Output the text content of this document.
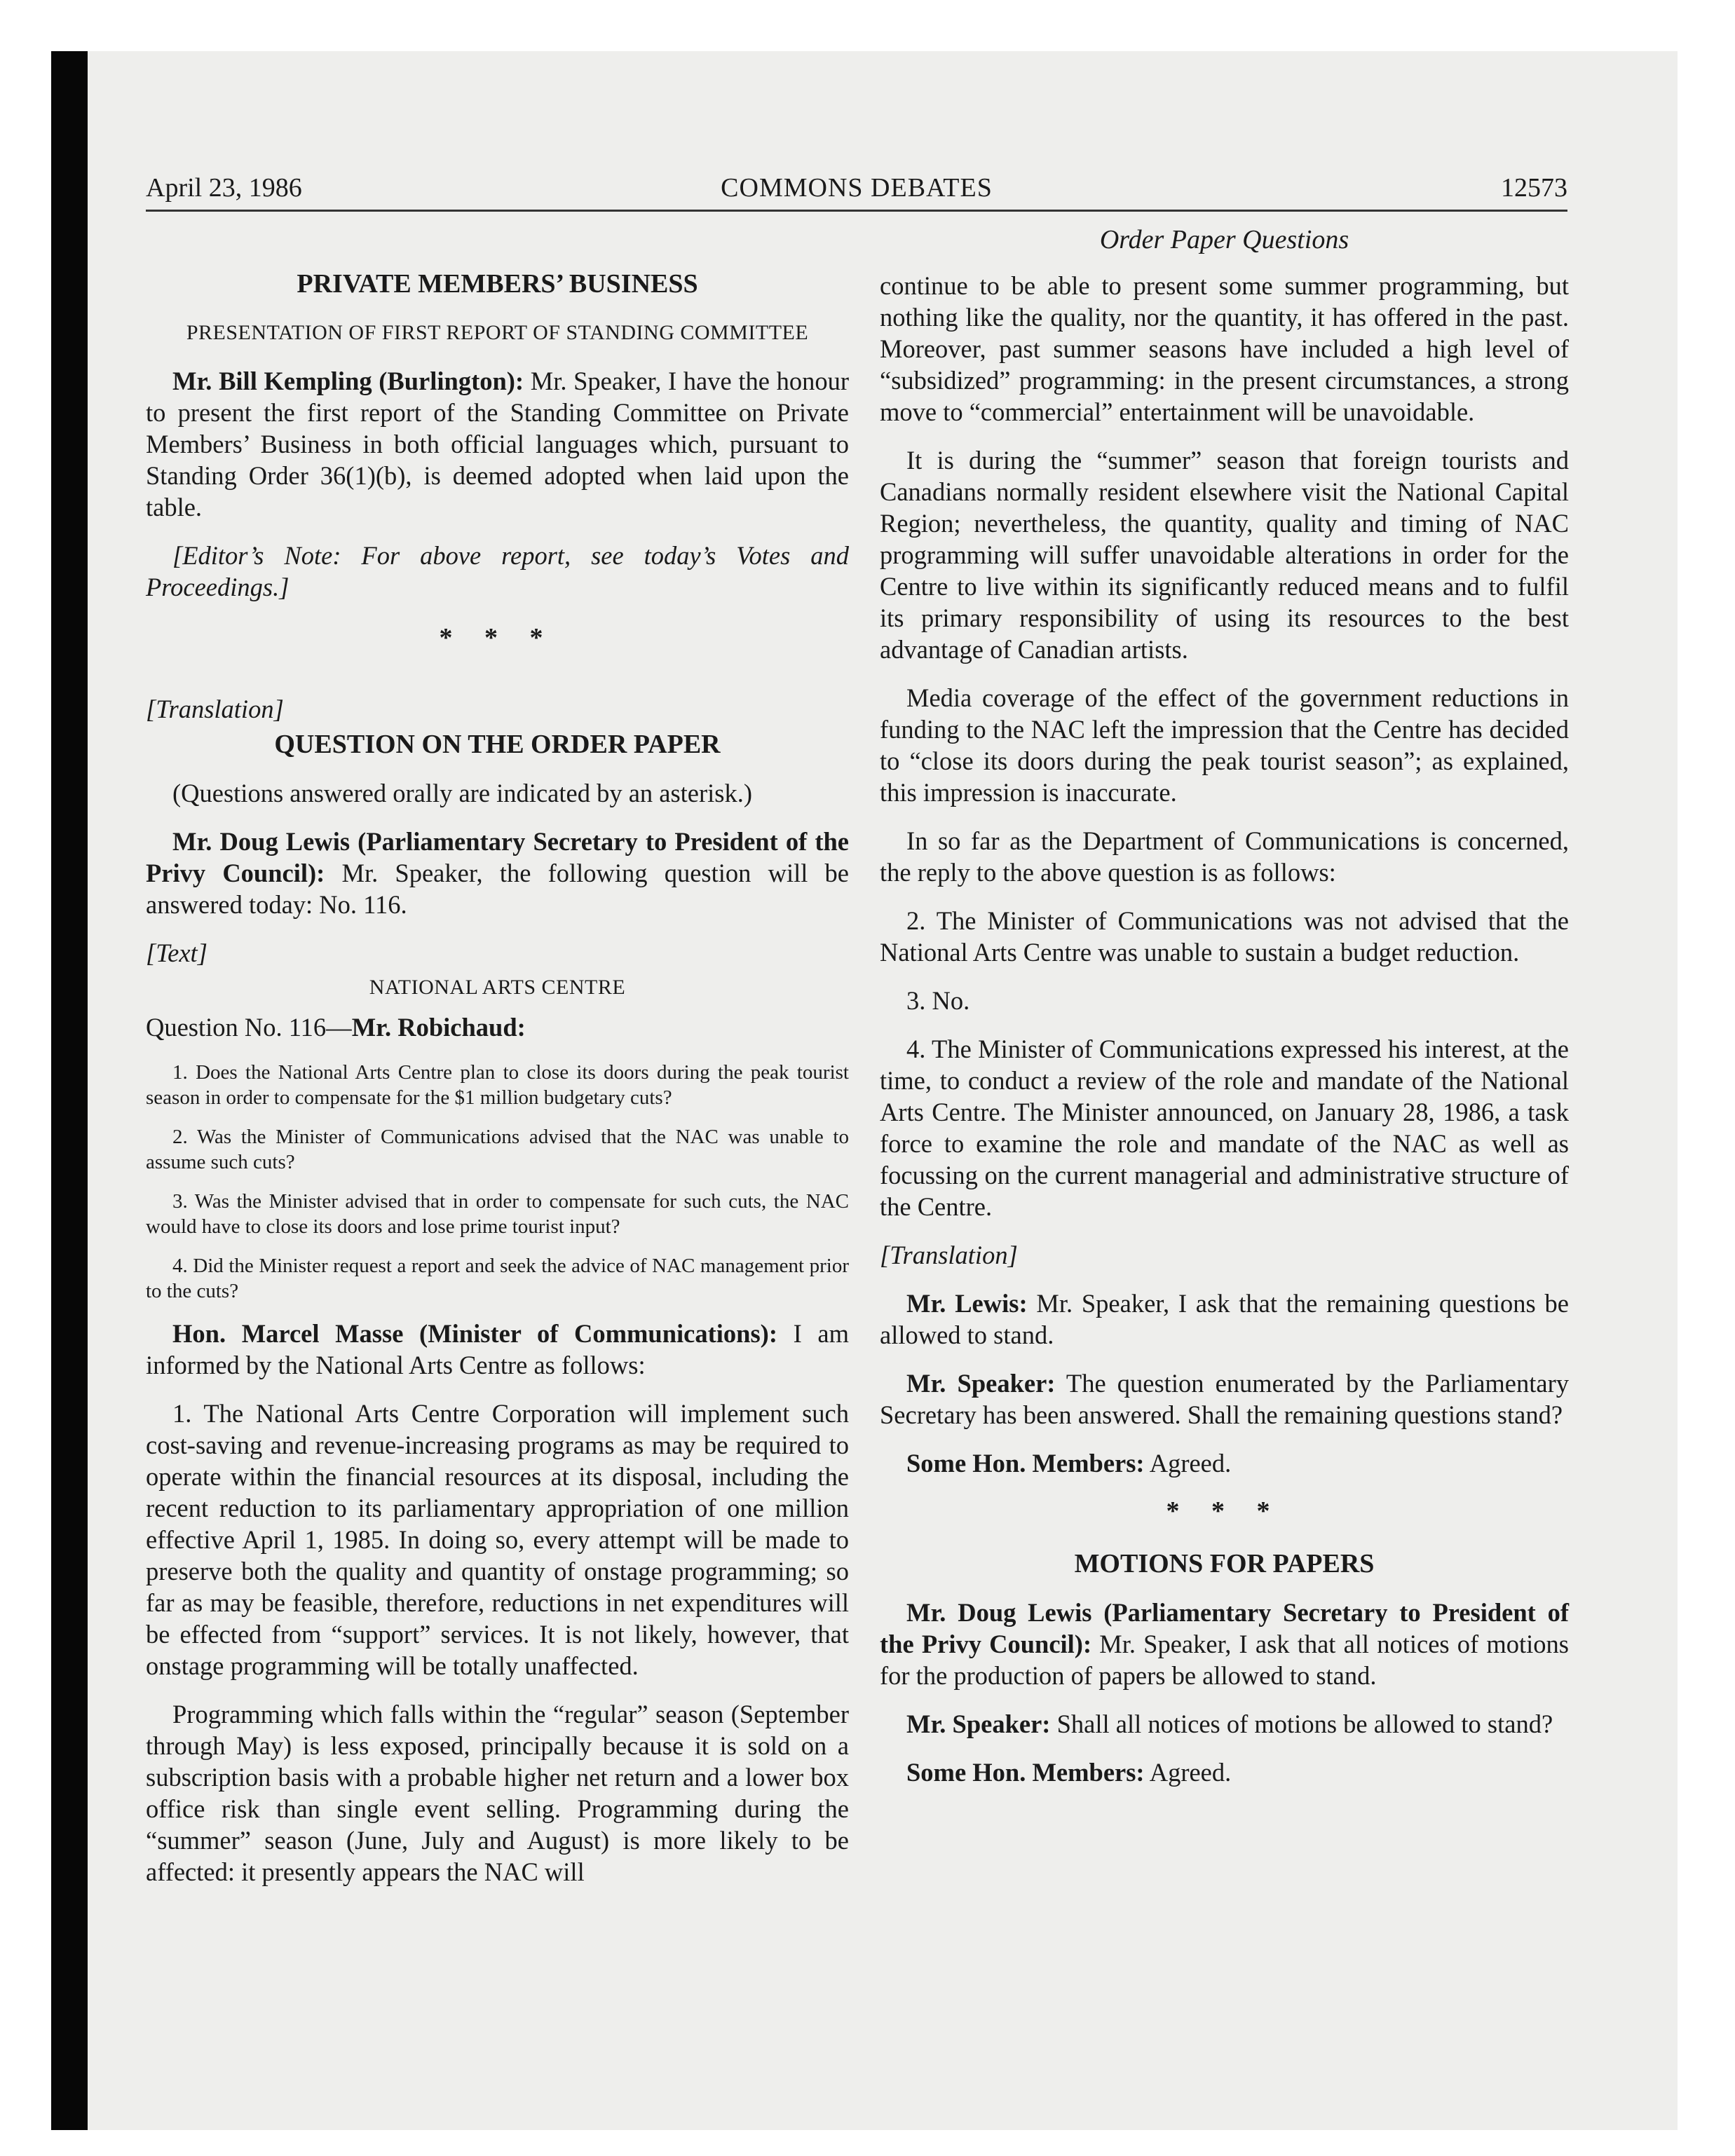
April 23, 1986	COMMONS DEBATES	12573
Order Paper Questions
PRIVATE MEMBERS’ BUSINESS
PRESENTATION OF FIRST REPORT OF STANDING COMMITTEE

Mr. Bill Kempling (Burlington): Mr. Speaker, I have the honour to present the first report of the Standing Committee on Private Members’ Business in both official languages which, pursuant to Standing Order 36(1)(b), is deemed adopted when laid upon the table.

[Editor’s Note: For above report, see today’s Votes and Proceedings.]

* * *

[Translation]

QUESTION ON THE ORDER PAPER

(Questions answered orally are indicated by an asterisk.)

Mr. Doug Lewis (Parliamentary Secretary to President of the Privy Council): Mr. Speaker, the following question will be answered today: No. 116.

[Text]

NATIONAL ARTS CENTRE

Question No. 116—Mr. Robichaud:

1. Does the National Arts Centre plan to close its doors during the peak tourist season in order to compensate for the $1 million budgetary cuts?

2. Was the Minister of Communications advised that the NAC was unable to assume such cuts?

3. Was the Minister advised that in order to compensate for such cuts, the NAC would have to close its doors and lose prime tourist input?

4. Did the Minister request a report and seek the advice of NAC management prior to the cuts?

Hon. Marcel Masse (Minister of Communications): I am informed by the National Arts Centre as follows:

1. The National Arts Centre Corporation will implement such cost-saving and revenue-increasing programs as may be required to operate within the financial resources at its disposal, including the recent reduction to its parliamentary appropriation of one million effective April 1, 1985. In doing so, every attempt will be made to preserve both the quality and quantity of onstage programming; so far as may be feasible, therefore, reductions in net expenditures will be effected from “support” services. It is not likely, however, that onstage programming will be totally unaffected.

Programming which falls within the “regular” season (September through May) is less exposed, principally because it is sold on a subscription basis with a probable higher net return and a lower box office risk than single event selling. Programming during the “summer” season (June, July and August) is more likely to be affected: it presently appears the NAC will

continue to be able to present some summer programming, but nothing like the quality, nor the quantity, it has offered in the past. Moreover, past summer seasons have included a high level of “subsidized” programming: in the present circumstances, a strong move to “commercial” entertainment will be unavoidable.

It is during the “summer” season that foreign tourists and Canadians normally resident elsewhere visit the National Capital Region; nevertheless, the quantity, quality and timing of NAC programming will suffer unavoidable alterations in order for the Centre to live within its significantly reduced means and to fulfil its primary responsibility of using its resources to the best advantage of Canadian artists.

Media coverage of the effect of the government reductions in funding to the NAC left the impression that the Centre has decided to “close its doors during the peak tourist season”; as explained, this impression is inaccurate.

In so far as the Department of Communications is concerned, the reply to the above question is as follows:

2. The Minister of Communications was not advised that the National Arts Centre was unable to sustain a budget reduction.

3. No.

4. The Minister of Communications expressed his interest, at the time, to conduct a review of the role and mandate of the National Arts Centre. The Minister announced, on January 28, 1986, a task force to examine the role and mandate of the NAC as well as focussing on the current managerial and administrative structure of the Centre.

[Translation]

Mr. Lewis: Mr. Speaker, I ask that the remaining questions be allowed to stand.

Mr. Speaker: The question enumerated by the Parliamentary Secretary has been answered. Shall the remaining questions stand?

Some Hon. Members: Agreed.

* * *
MOTIONS FOR PAPERS

Mr. Doug Lewis (Parliamentary Secretary to President of the Privy Council): Mr. Speaker, I ask that all notices of motions for the production of papers be allowed to stand.

Mr. Speaker: Shall all notices of motions be allowed to stand?

Some Hon. Members: Agreed.
